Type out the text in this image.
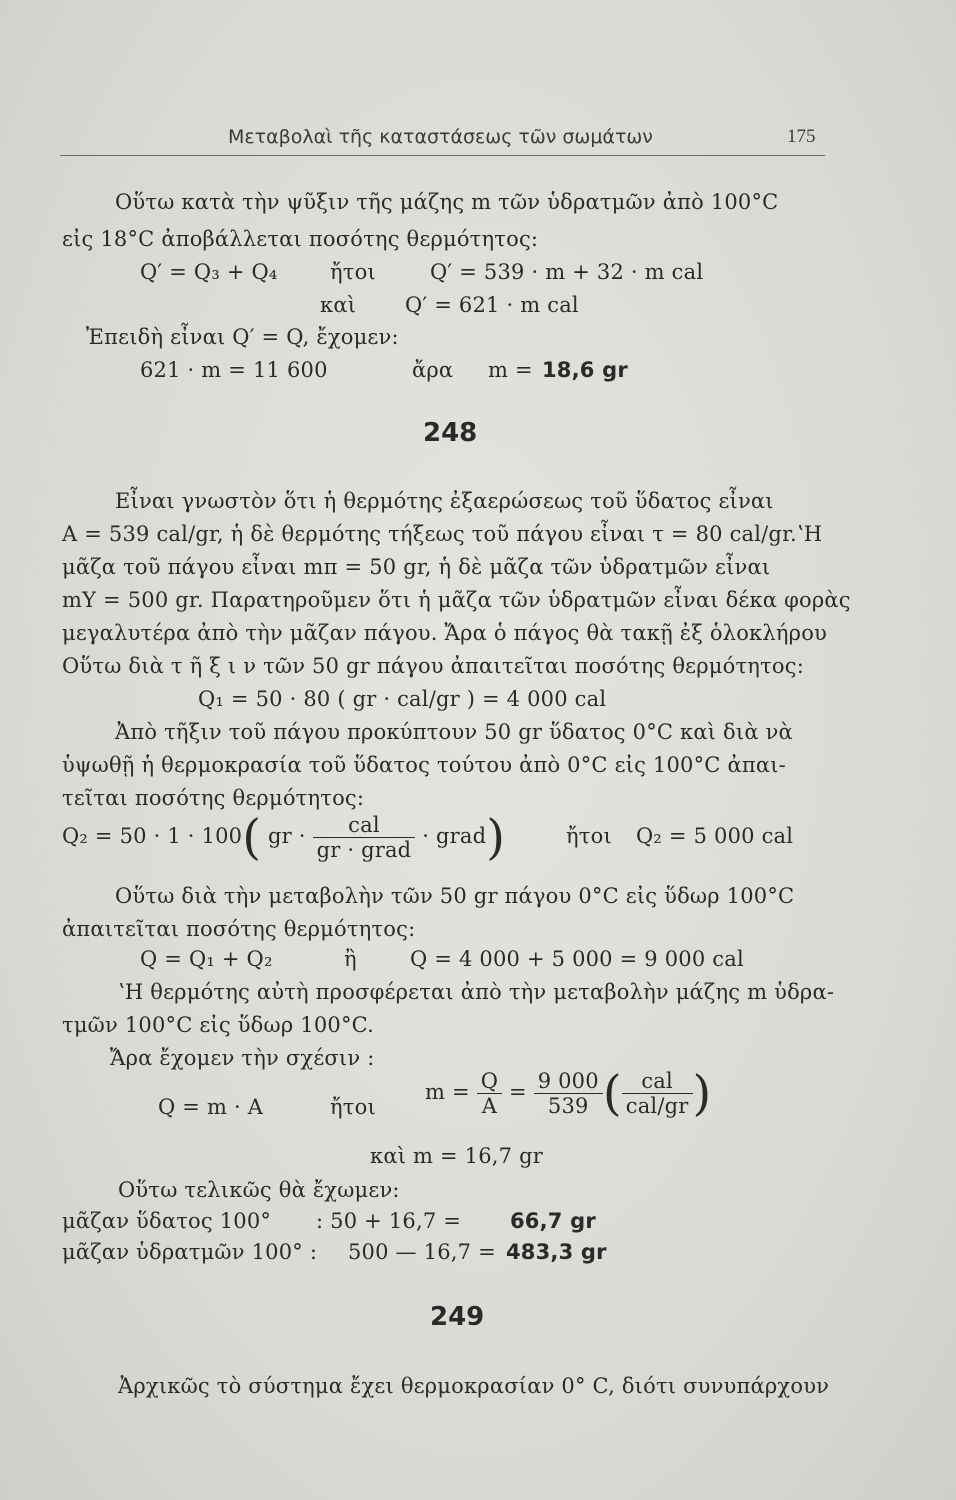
Μεταβολαὶ τῆς καταστάσεως τῶν σωμάτων	175
Οὕτω κατὰ τὴν ψῦξιν τῆς μάζης m τῶν ὑδρατμῶν ἀπὸ 100°C
εἰς 18°C ἀποβάλλεται ποσότης θερμότητος:
Q′ = Q₃ + Q₄ ἤτοι	Q′ = 539 · m + 32 · m cal
καὶ Q′ = 621 · m cal
Ἐπειδὴ εἶναι Q′ = Q, ἔχομεν:
621 · m = 11 600	ἄρα m = 18,6 gr
248
Εἶναι γνωστὸν ὅτι ἡ θερμότης ἐξαερώσεως τοῦ ὕδατος εἶναι
A = 539 cal/gr, ἡ δὲ θερμότης τήξεως τοῦ πάγου εἶναι τ = 80 cal/gr.ʽΗ
μᾶζα τοῦ πάγου εἶναι mπ = 50 gr, ἡ δὲ μᾶζα τῶν ὑδρατμῶν εἶναι
mΥ = 500 gr. Παρατηροῦμεν ὅτι ἡ μᾶζα τῶν ὑδρατμῶν εἶναι δέκα φορὰς
μεγαλυτέρα ἀπὸ τὴν μᾶζαν πάγου. Ἄρα ὁ πάγος θὰ τακῇ ἐξ ὁλοκλήρου
Οὕτω διὰ τ ῆ ξ ι ν τῶν 50 gr πάγου ἀπαιτεῖται ποσότης θερμότητος:
Q₁ = 50 · 80 ( gr · cal/gr ) = 4 000 cal
Ἀπὸ τῆξιν τοῦ πάγου προκύπτουν 50 gr ὕδατος 0°C καὶ διὰ νὰ
ὑψωθῇ ἡ θερμοκρασία τοῦ ὕδατος τούτου ἀπὸ 0°C εἰς 100°C ἀπαι-
τεῖται ποσότης θερμότητος:
Q₂ = 50 · 1 · 100( gr · $\frac{\text{cal}}{\text{gr · grad}}$ · grad)	ἤτοι Q₂ = 5 000 cal
Οὕτω διὰ τὴν μεταβολὴν τῶν 50 gr πάγου 0°C εἰς ὕδωρ 100°C
ἀπαιτεῖται ποσότης θερμότητος:
Q = Q₁ + Q₂	ἢ	Q = 4 000 + 5 000 = 9 000 cal
ʽΗ θερμότης αὐτὴ προσφέρεται ἀπὸ τὴν μεταβολὴν μάζης m ὑδρα-
τμῶν 100°C εἰς ὕδωρ 100°C.
Ἄρα ἔχομεν τὴν σχέσιν :
Q = m · A	ἤτοι
$m = \frac{Q}{A} = \frac{9 000}{539}$ ( $\frac{\text{cal}}{\text{cal/gr}}$ )
καὶ m = 16,7 gr
Οὕτω τελικῶς θὰ ἔχωμεν:
μᾶζαν ὕδατος 100° : 50 + 16,7 = 66,7 gr
μᾶζαν ὑδρατμῶν 100° : 500 — 16,7 = 483,3 gr
249
Ἀρχικῶς τὸ σύστημα ἔχει θερμοκρασίαν 0° C, διότι συνυπάρχουν
